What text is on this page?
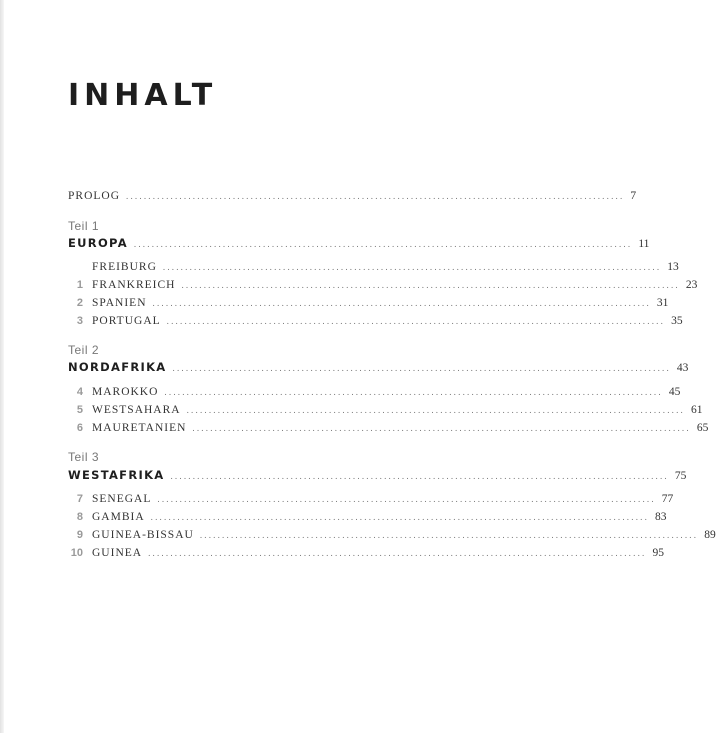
INHALT
PROLOG ................................................................................................................ 7
Teil 1
EUROPA ................................................................................................................ 11
FREIBURG ................................................................................................................ 13
1 FRANKREICH ................................................................................................................ 23
2 SPANIEN ................................................................................................................ 31
3 PORTUGAL ................................................................................................................ 35
Teil 2
NORDAFRIKA ................................................................................................................ 43
4 MAROKKO ................................................................................................................ 45
5 WESTSAHARA ................................................................................................................ 61
6 MAURETANIEN ................................................................................................................ 65
Teil 3
WESTAFRIKA ................................................................................................................ 75
7 SENEGAL ................................................................................................................ 77
8 GAMBIA ................................................................................................................ 83
9 GUINEA-BISSAU ................................................................................................................ 89
10 GUINEA ................................................................................................................ 95
